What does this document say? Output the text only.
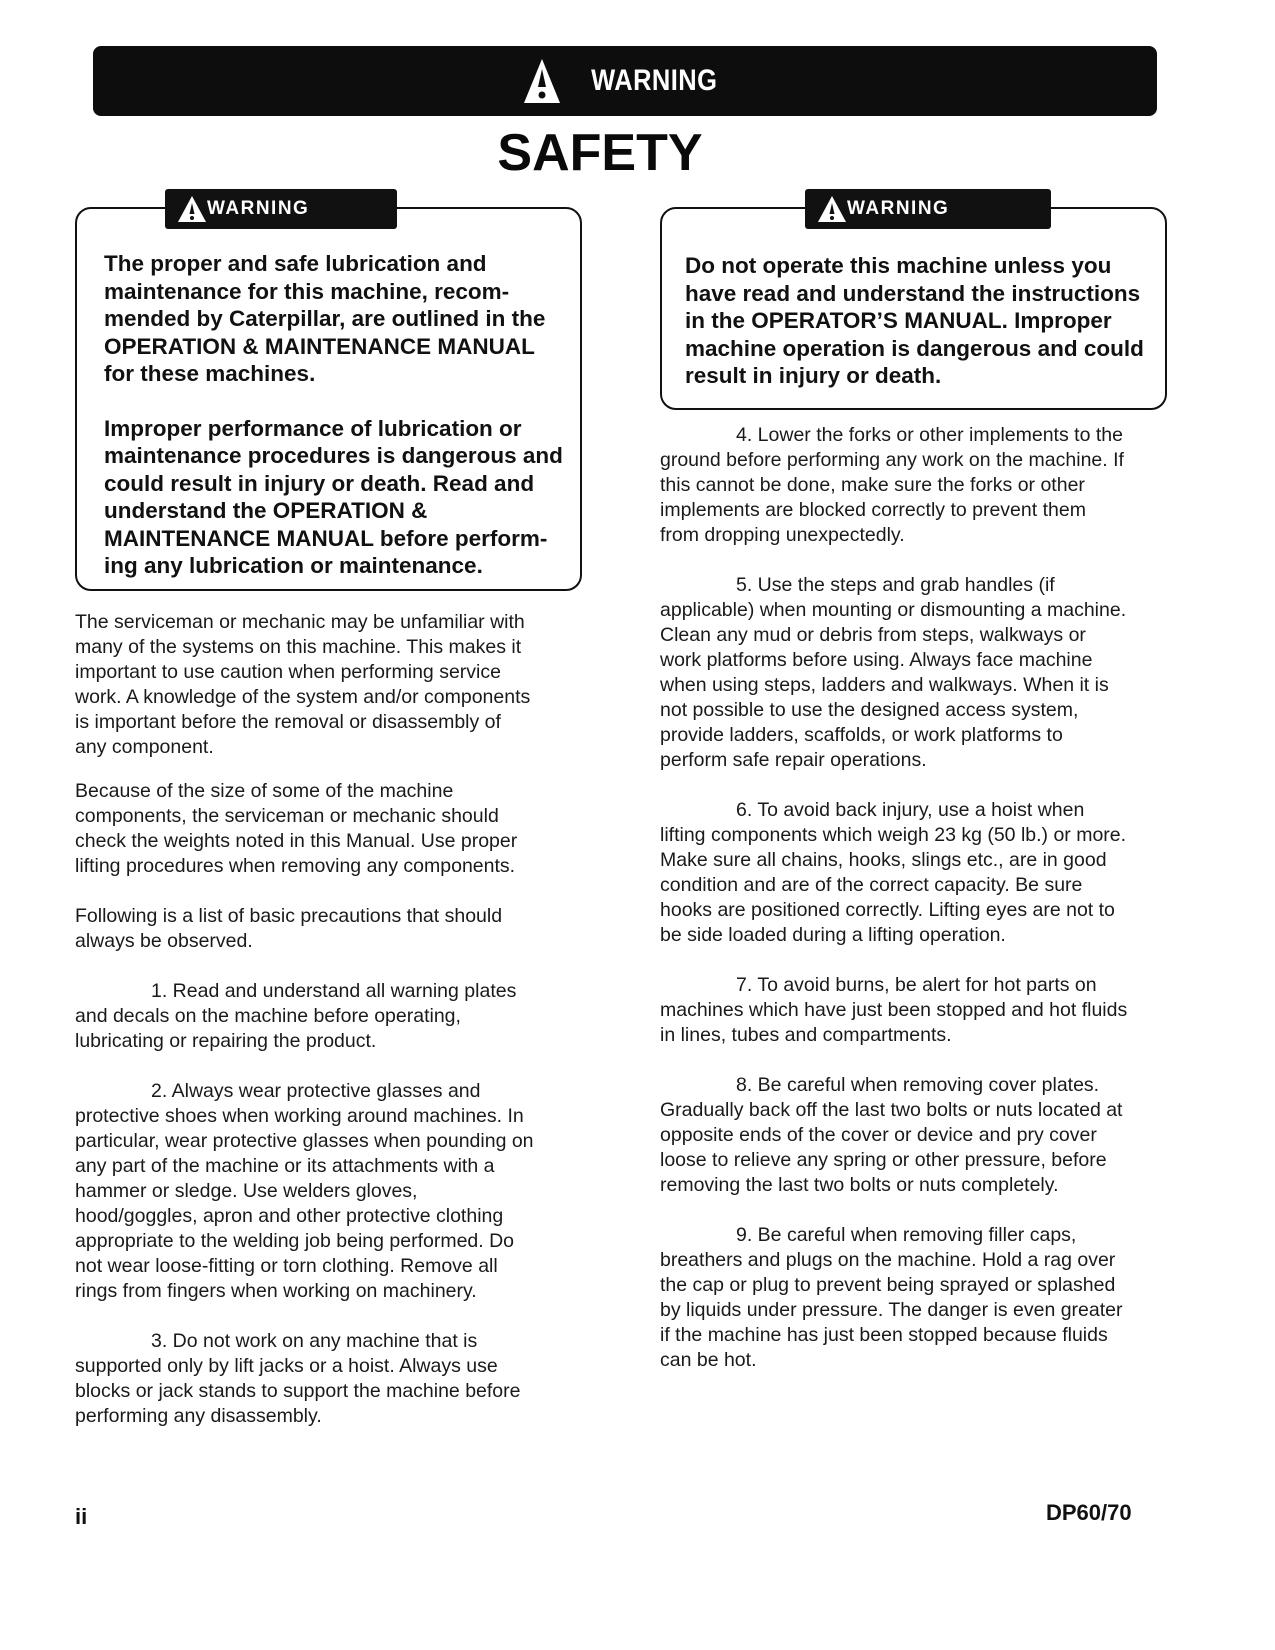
WARNING
SAFETY
WARNING

The proper and safe lubrication and maintenance for this machine, recom-mended by Caterpillar, are outlined in the OPERATION & MAINTENANCE MANUAL for these machines.

Improper performance of lubrication or maintenance procedures is dangerous and could result in injury or death. Read and understand the OPERATION & MAINTENANCE MANUAL before perform-ing any lubrication or maintenance.

WARNING

Do not operate this machine unless you have read and understand the instructions in the OPERATOR’S MANUAL. Improper machine operation is dangerous and could result in injury or death.

The serviceman or mechanic may be unfamiliar with many of the systems on this machine. This makes it important to use caution when performing service work. A knowledge of the system and/or components is important before the removal or disassembly of any component.

Because of the size of some of the machine components, the serviceman or mechanic should check the weights noted in this Manual. Use proper lifting procedures when removing any components.

Following is a list of basic precautions that should always be observed.

1. Read and understand all warning plates and decals on the machine before operating, lubricating or repairing the product.

2. Always wear protective glasses and protective shoes when working around machines. In particular, wear protective glasses when pounding on any part of the machine or its attachments with a hammer or sledge. Use welders gloves, hood/goggles, apron and other protective clothing appropriate to the welding job being performed. Do not wear loose-fitting or torn clothing. Remove all rings from fingers when working on machinery.

3. Do not work on any machine that is supported only by lift jacks or a hoist. Always use blocks or jack stands to support the machine before performing any disassembly.

4. Lower the forks or other implements to the ground before performing any work on the machine. If this cannot be done, make sure the forks or other implements are blocked correctly to prevent them from dropping unexpectedly.

5. Use the steps and grab handles (if applicable) when mounting or dismounting a machine. Clean any mud or debris from steps, walkways or work platforms before using. Always face machine when using steps, ladders and walkways. When it is not possible to use the designed access system, provide ladders, scaffolds, or work platforms to perform safe repair operations.

6. To avoid back injury, use a hoist when lifting components which weigh 23 kg (50 lb.) or more. Make sure all chains, hooks, slings etc., are in good condition and are of the correct capacity. Be sure hooks are positioned correctly. Lifting eyes are not to be side loaded during a lifting operation.

7. To avoid burns, be alert for hot parts on machines which have just been stopped and hot fluids in lines, tubes and compartments.

8. Be careful when removing cover plates. Gradually back off the last two bolts or nuts located at opposite ends of the cover or device and pry cover loose to relieve any spring or other pressure, before removing the last two bolts or nuts completely.

9. Be careful when removing filler caps, breathers and plugs on the machine. Hold a rag over the cap or plug to prevent being sprayed or splashed by liquids under pressure. The danger is even greater if the machine has just been stopped because fluids can be hot.

ii	DP60/70
